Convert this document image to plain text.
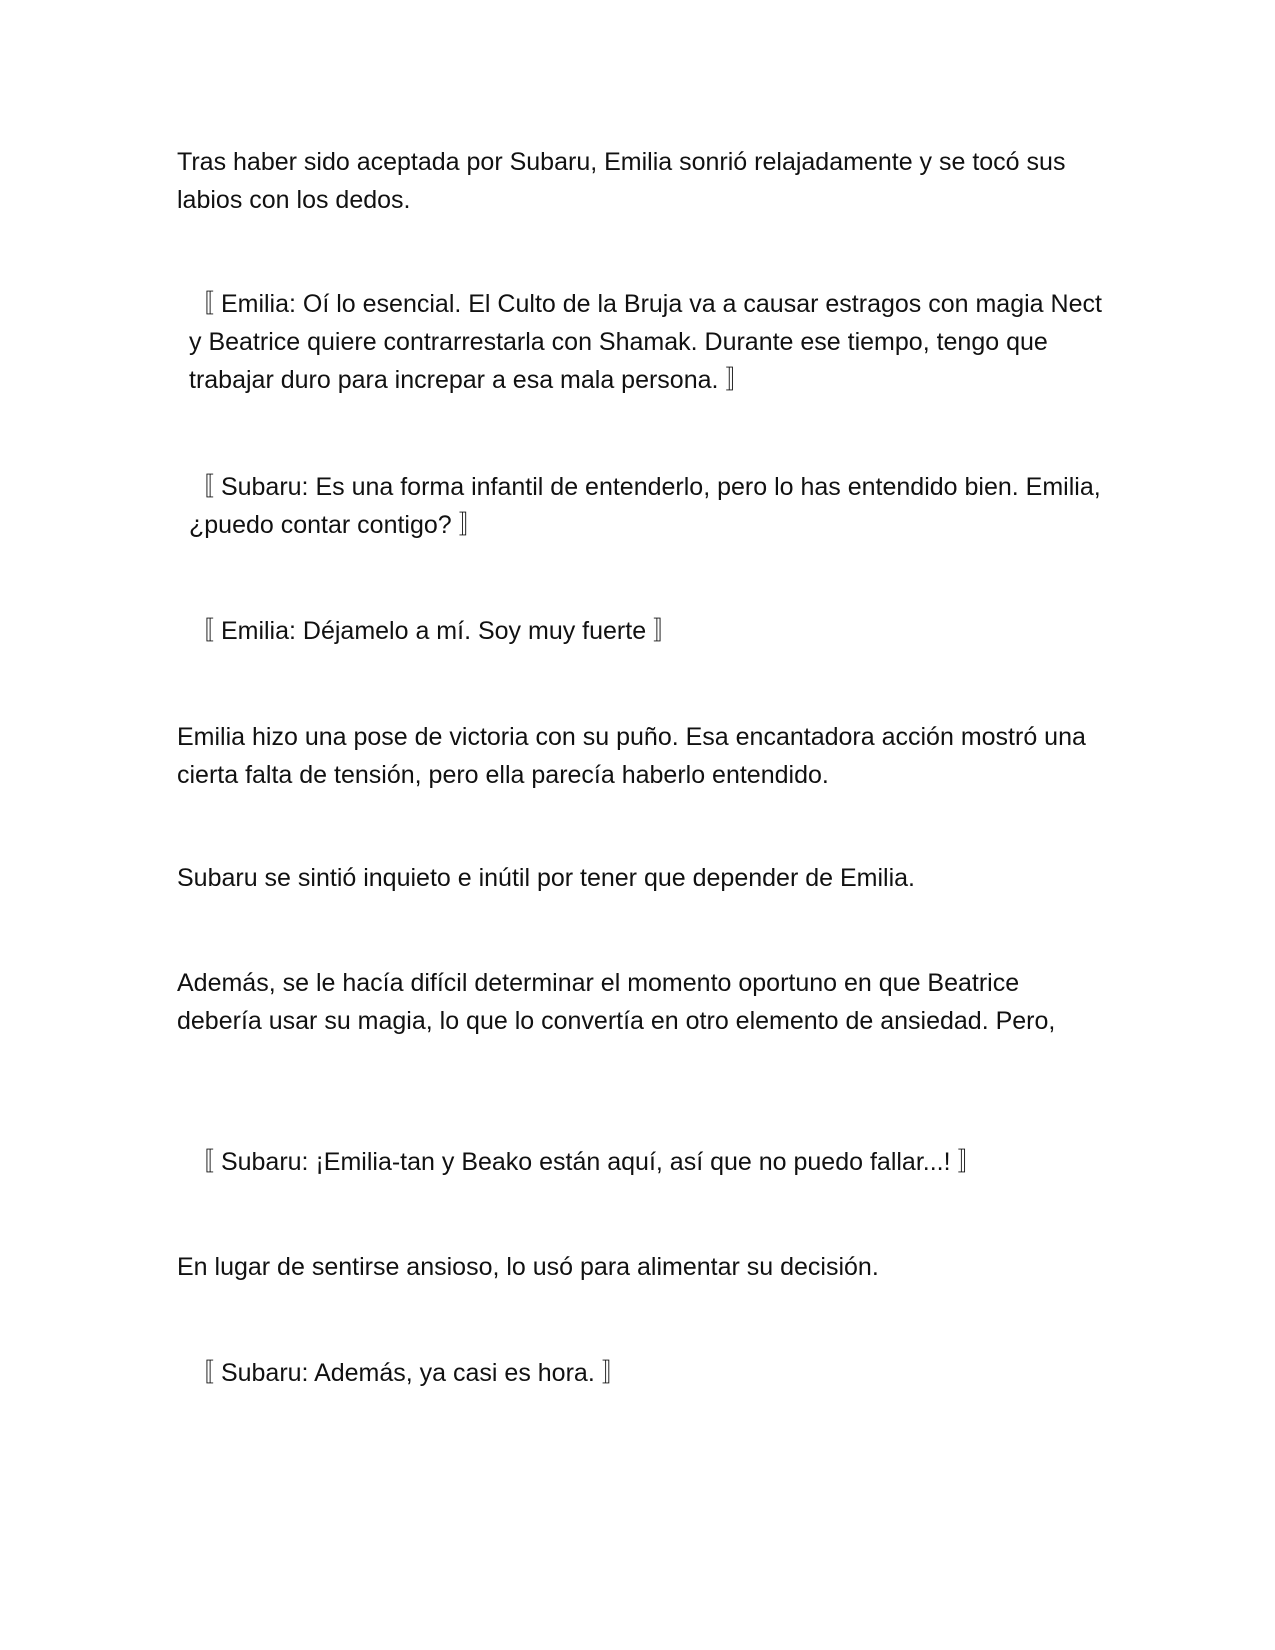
Tras haber sido aceptada por Subaru, Emilia sonrió relajadamente y se tocó sus labios con los dedos.

〚 Emilia: Oí lo esencial. El Culto de la Bruja va a causar estragos con magia Nect y Beatrice quiere contrarrestarla con Shamak. Durante ese tiempo, tengo que trabajar duro para increpar a esa mala persona. 〛

〚 Subaru: Es una forma infantil de entenderlo, pero lo has entendido bien. Emilia, ¿puedo contar contigo? 〛

〚 Emilia: Déjamelo a mí. Soy muy fuerte 〛

Emilia hizo una pose de victoria con su puño. Esa encantadora acción mostró una cierta falta de tensión, pero ella parecía haberlo entendido.

Subaru se sintió inquieto e inútil por tener que depender de Emilia.

Además, se le hacía difícil determinar el momento oportuno en que Beatrice debería usar su magia, lo que lo convertía en otro elemento de ansiedad. Pero,

〚 Subaru: ¡Emilia-tan y Beako están aquí, así que no puedo fallar...! 〛

En lugar de sentirse ansioso, lo usó para alimentar su decisión.

〚 Subaru: Además, ya casi es hora. 〛
